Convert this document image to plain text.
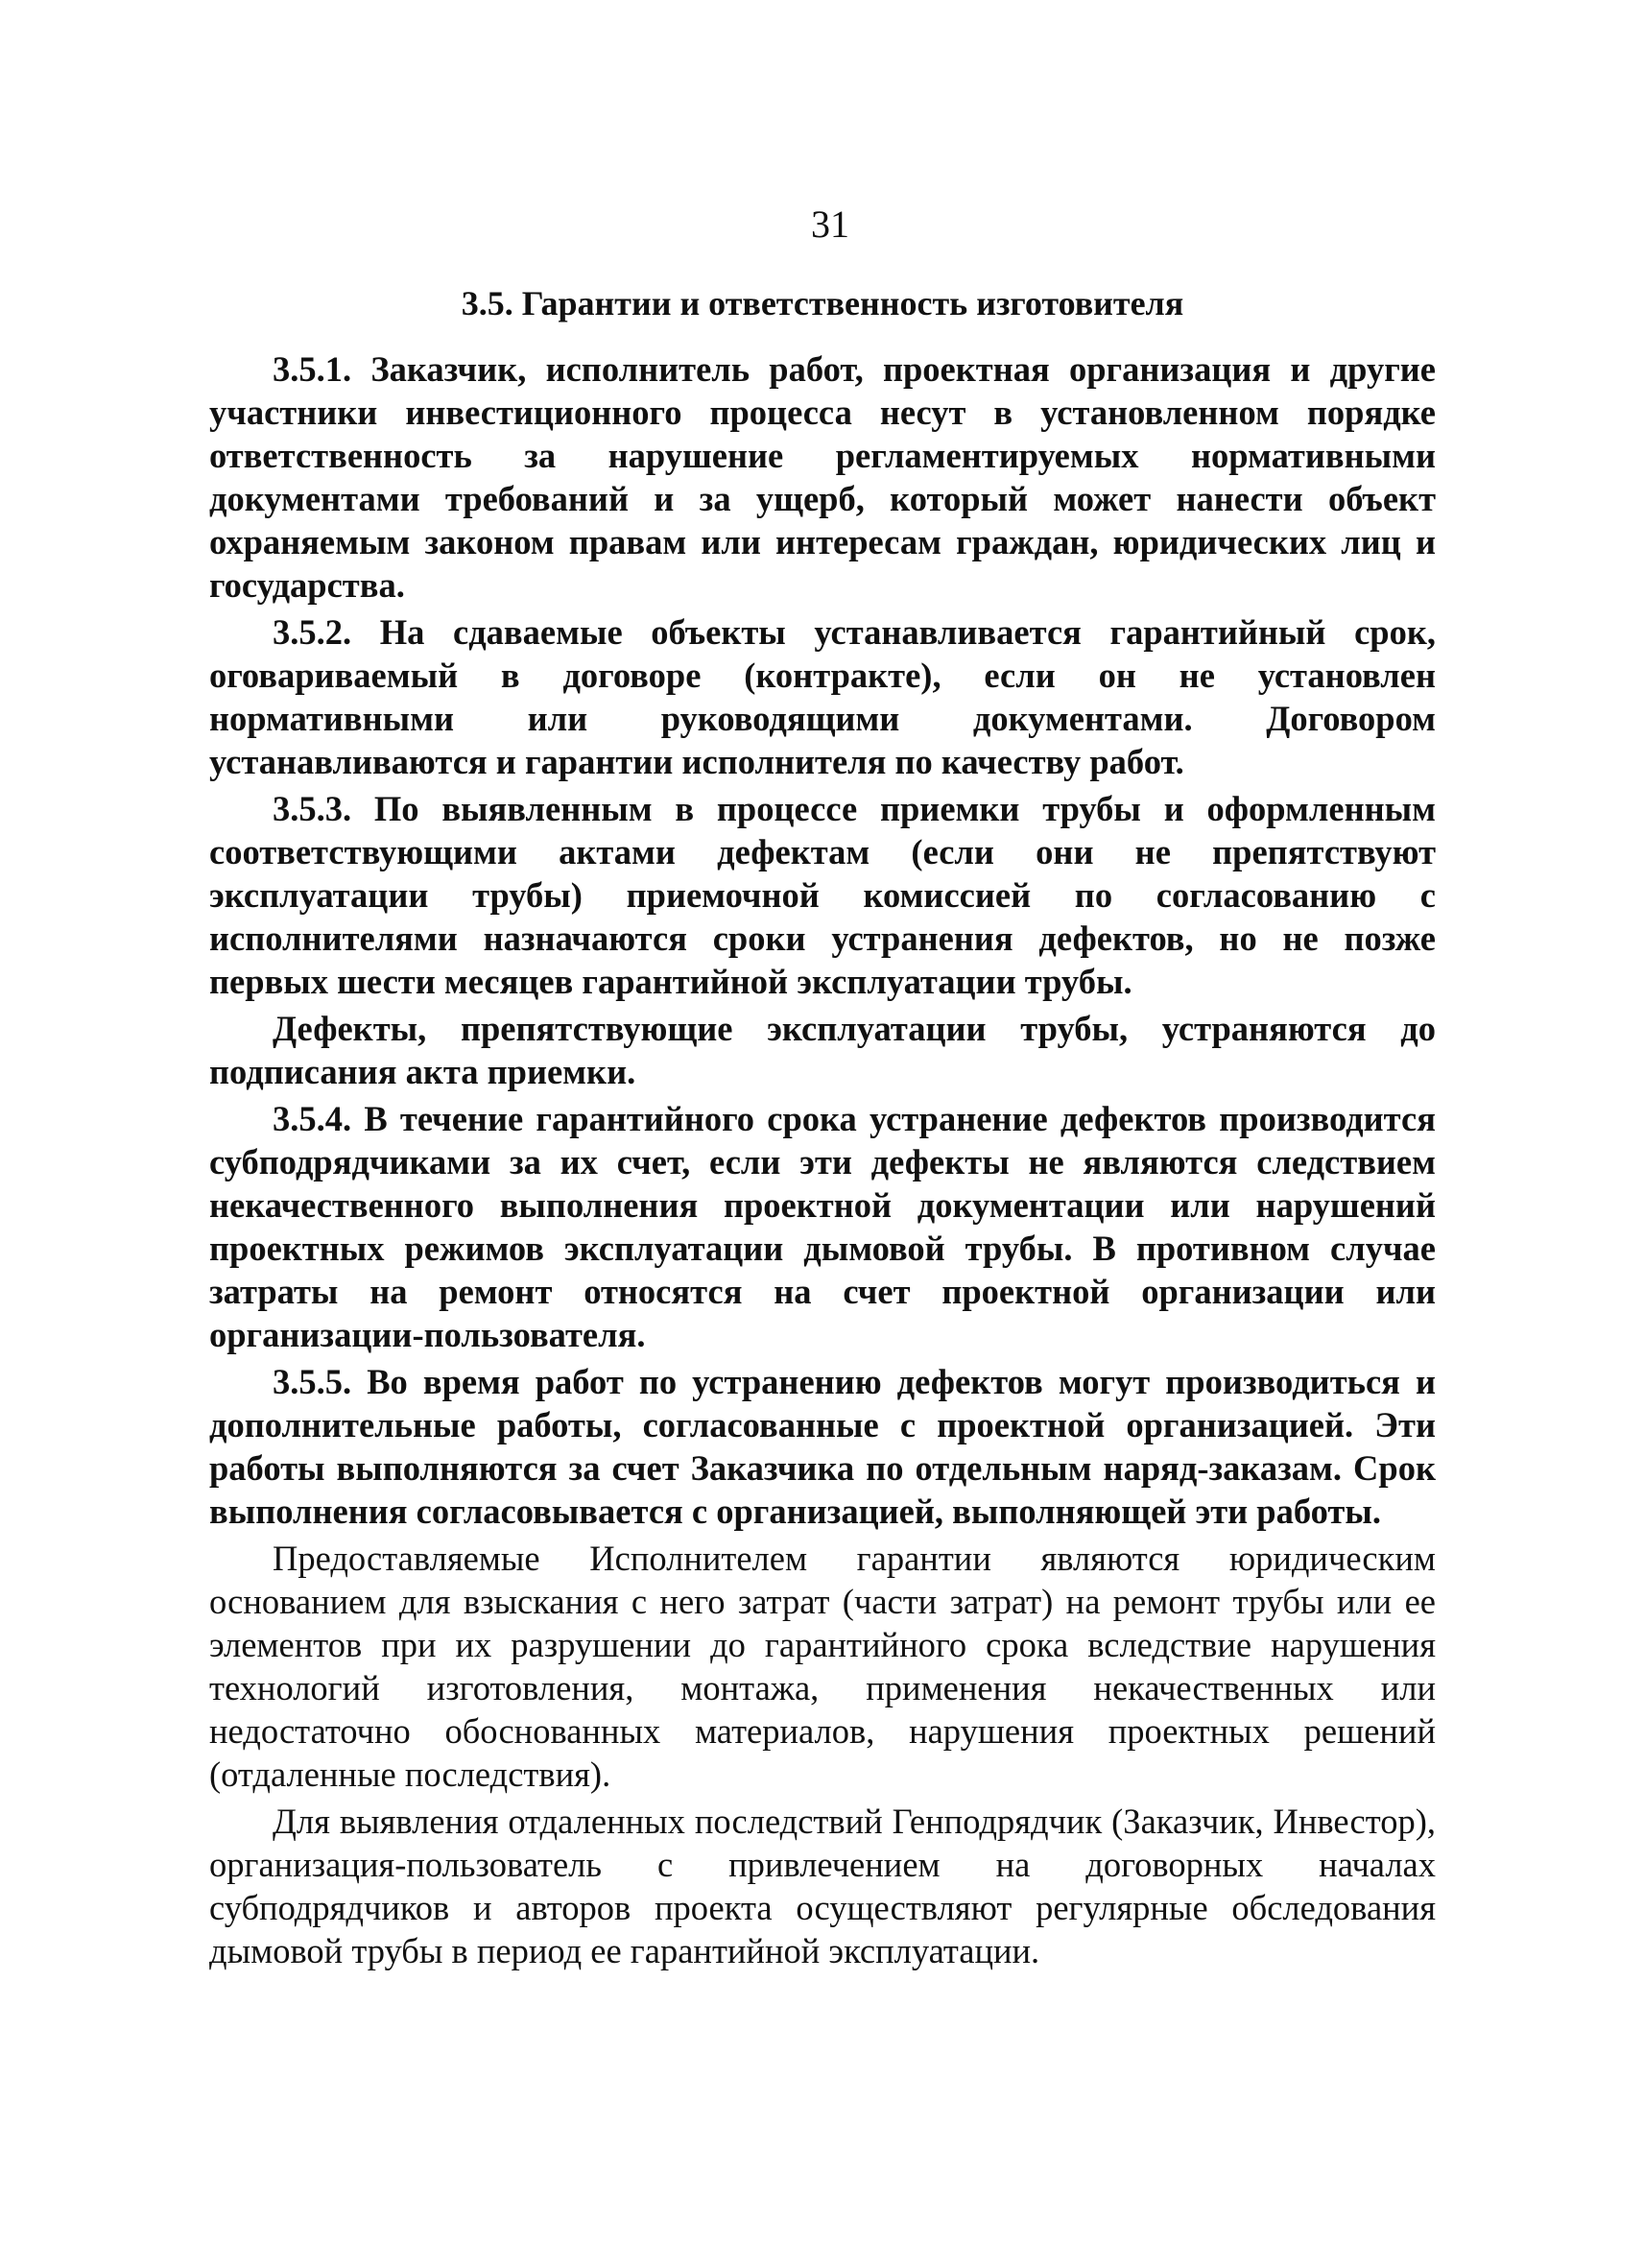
31
3.5. Гарантии и ответственность изготовителя

3.5.1. Заказчик, исполнитель работ, проектная организация и другие участники инвестиционного процесса несут в установленном порядке ответственность за нарушение регламентируемых нормативными документами требований и за ущерб, который может нанести объект охраняемым законом правам или интересам граждан, юридических лиц и государства.

3.5.2. На сдаваемые объекты устанавливается гарантийный срок, оговариваемый в договоре (контракте), если он не установлен нормативными или руководящими документами. Договором устанавливаются и гарантии исполнителя по качеству работ.

3.5.3. По выявленным в процессе приемки трубы и оформленным соответствующими актами дефектам (если они не препятствуют эксплуатации трубы) приемочной комиссией по согласованию с исполнителями назначаются сроки устранения дефектов, но не позже первых шести месяцев гарантийной эксплуатации трубы.

Дефекты, препятствующие эксплуатации трубы, устраняются до подписания акта приемки.

3.5.4. В течение гарантийного срока устранение дефектов производится субподрядчиками за их счет, если эти дефекты не являются следствием некачественного выполнения проектной документации или нарушений проектных режимов эксплуатации дымовой трубы. В противном случае затраты на ремонт относятся на счет проектной организации или организации-пользователя.

3.5.5. Во время работ по устранению дефектов могут производиться и дополнительные работы, согласованные с проектной организацией. Эти работы выполняются за счет Заказчика по отдельным наряд-заказам. Срок выполнения согласовывается с организацией, выполняющей эти работы.

Предоставляемые Исполнителем гарантии являются юридическим основанием для взыскания с него затрат (части затрат) на ремонт трубы или ее элементов при их разрушении до гарантийного срока вследствие нарушения технологий изготовления, монтажа, применения некачественных или недостаточно обоснованных материалов, нарушения проектных решений (отдаленные последствия).

Для выявления отдаленных последствий Генподрядчик (Заказчик, Инвестор), организация-пользователь с привлечением на договорных началах субподрядчиков и авторов проекта осуществляют регулярные обследования дымовой трубы в период ее гарантийной эксплуатации.
